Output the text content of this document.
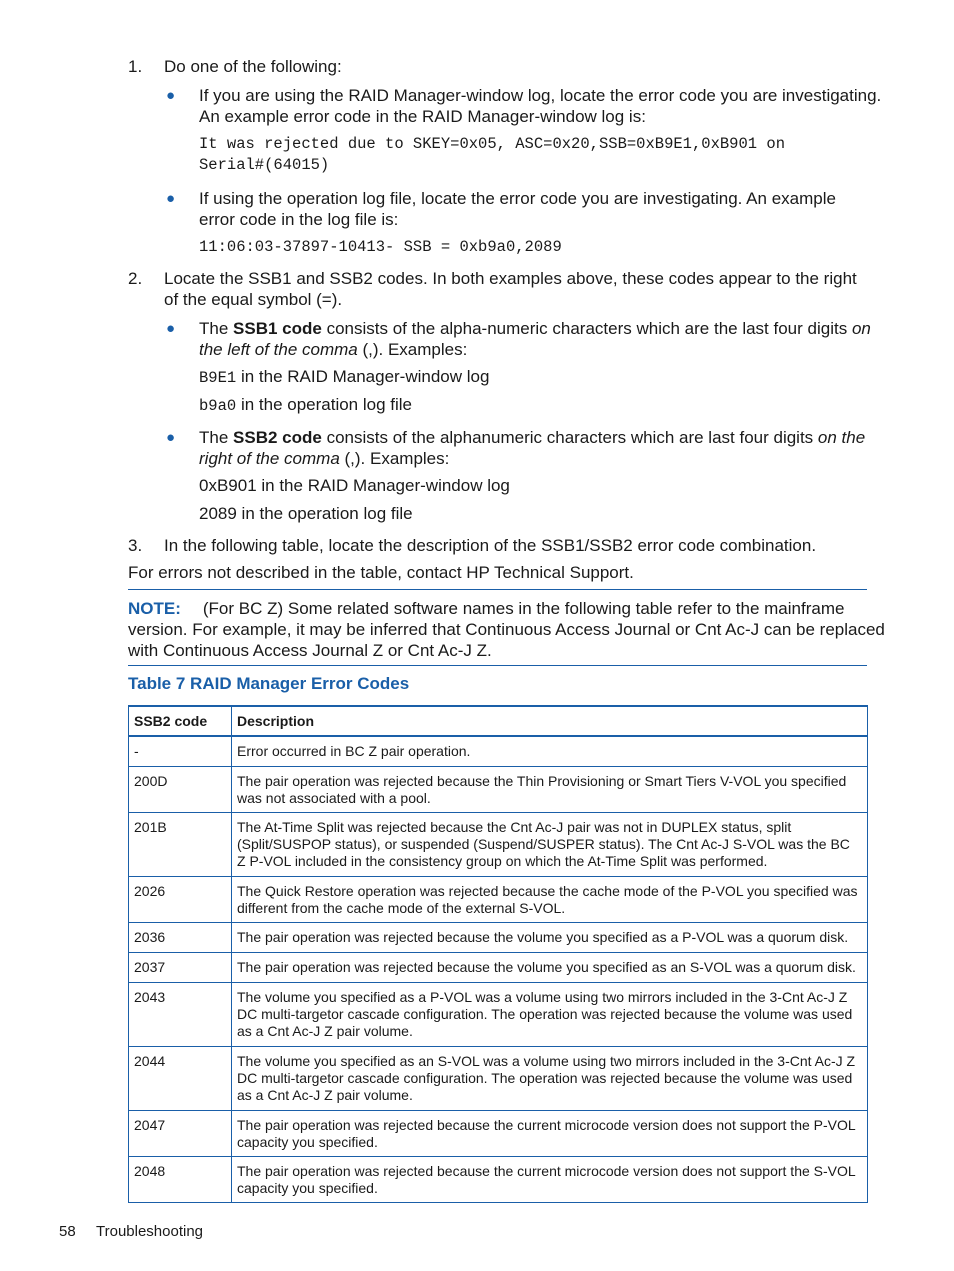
1. Do one of the following:
● If you are using the RAID Manager-window log, locate the error code you are investigating.
An example error code in the RAID Manager-window log is:
It was rejected due to SKEY=0x05, ASC=0x20,SSB=0xB9E1,0xB901 on
Serial#(64015)
● If using the operation log file, locate the error code you are investigating. An example
error code in the log file is:
11:06:03-37897-10413- SSB = 0xb9a0,2089
2. Locate the SSB1 and SSB2 codes. In both examples above, these codes appear to the right
of the equal symbol (=).
● The SSB1 code consists of the alpha-numeric characters which are the last four digits on
the left of the comma (,). Examples:
B9E1 in the RAID Manager-window log
b9a0 in the operation log file
● The SSB2 code consists of the alphanumeric characters which are last four digits on the
right of the comma (,). Examples:
0xB901 in the RAID Manager-window log
2089 in the operation log file
3. In the following table, locate the description of the SSB1/SSB2 error code combination.
For errors not described in the table, contact HP Technical Support.
NOTE: (For BC Z) Some related software names in the following table refer to the mainframe
version. For example, it may be inferred that Continuous Access Journal or Cnt Ac-J can be replaced
with Continuous Access Journal Z or Cnt Ac-J Z.
Table 7 RAID Manager Error Codes
SSB2 code	Description
-	Error occurred in BC Z pair operation.
200D	The pair operation was rejected because the Thin Provisioning or Smart Tiers V-VOL you specified was not associated with a pool.
201B	The At-Time Split was rejected because the Cnt Ac-J pair was not in DUPLEX status, split (Split/SUSPOP status), or suspended (Suspend/SUSPER status). The Cnt Ac-J S-VOL was the BC Z P-VOL included in the consistency group on which the At-Time Split was performed.
2026	The Quick Restore operation was rejected because the cache mode of the P-VOL you specified was different from the cache mode of the external S-VOL.
2036	The pair operation was rejected because the volume you specified as a P-VOL was a quorum disk.
2037	The pair operation was rejected because the volume you specified as an S-VOL was a quorum disk.
2043	The volume you specified as a P-VOL was a volume using two mirrors included in the 3-Cnt Ac-J Z DC multi-targetor cascade configuration. The operation was rejected because the volume was used as a Cnt Ac-J Z pair volume.
2044	The volume you specified as an S-VOL was a volume using two mirrors included in the 3-Cnt Ac-J Z DC multi-targetor cascade configuration. The operation was rejected because the volume was used as a Cnt Ac-J Z pair volume.
2047	The pair operation was rejected because the current microcode version does not support the P-VOL capacity you specified.
2048	The pair operation was rejected because the current microcode version does not support the S-VOL capacity you specified.
58 Troubleshooting
